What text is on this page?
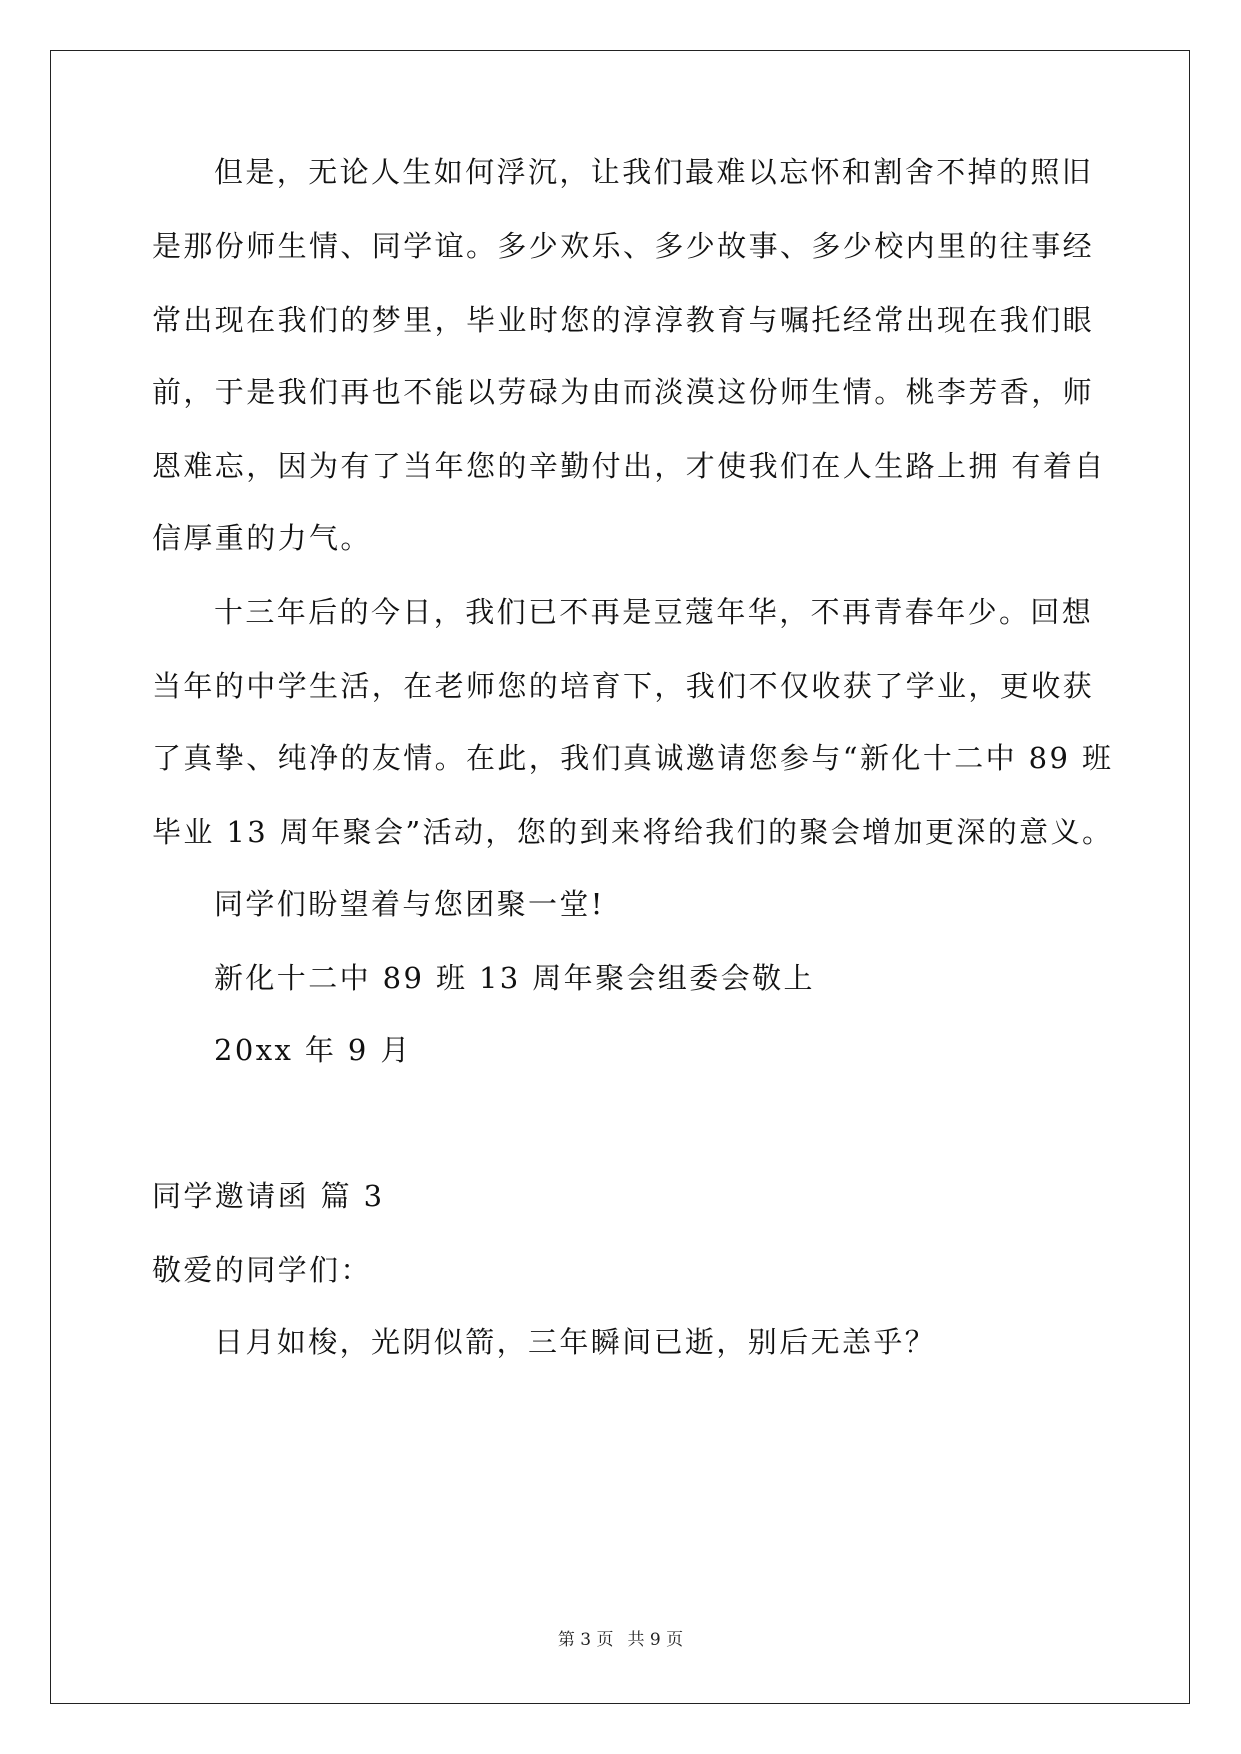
但是，无论人生如何浮沉，让我们最难以忘怀和割舍不掉的照旧
是那份师生情、同学谊。多少欢乐、多少故事、多少校内里的往事经
常出现在我们的梦里，毕业时您的淳淳教育与嘱托经常出现在我们眼
前，于是我们再也不能以劳碌为由而淡漠这份师生情。桃李芳香，师
恩难忘，因为有了当年您的辛勤付出，才使我们在人生路上拥 有着自
信厚重的力气。
十三年后的今日，我们已不再是豆蔻年华，不再青春年少。回想
当年的中学生活，在老师您的培育下，我们不仅收获了学业，更收获
了真挚、纯净的友情。在此，我们真诚邀请您参与“新化十二中 89 班
毕业 13 周年聚会”活动，您的到来将给我们的聚会增加更深的意义。
同学们盼望着与您团聚一堂!
新化十二中 89 班 13 周年聚会组委会敬上
20xx 年 9 月
同学邀请函 篇 3
敬爱的同学们：
日月如梭，光阴似箭，三年瞬间已逝，别后无恙乎？
第 3 页 共 9 页
